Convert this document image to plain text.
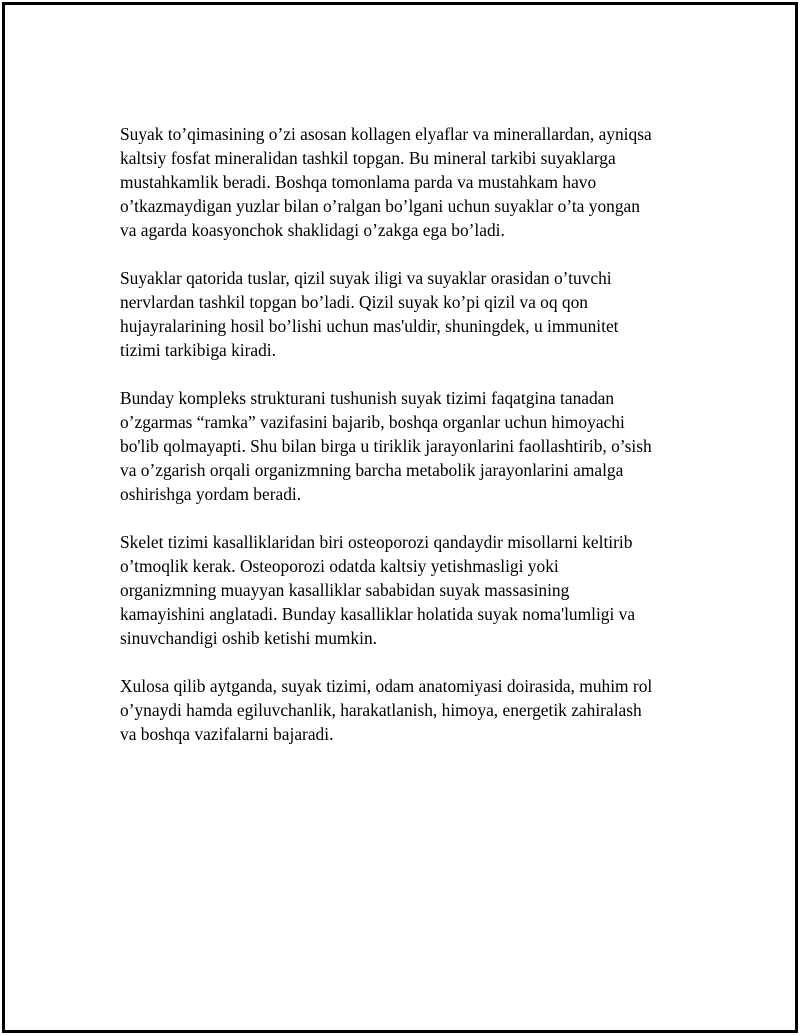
Suyak to’qimasining o’zi asosan kollagen elyaflar va minerallardan, ayniqsa
kaltsiy fosfat mineralidan tashkil topgan. Bu mineral tarkibi suyaklarga
mustahkamlik beradi. Boshqa tomonlama parda va mustahkam havo
o’tkazmaydigan yuzlar bilan o’ralgan bo’lgani uchun suyaklar o’ta yongan
va agarda koasyonchok shaklidagi o’zakga ega bo’ladi.

Suyaklar qatorida tuslar, qizil suyak iligi va suyaklar orasidan o’tuvchi
nervlardan tashkil topgan bo’ladi. Qizil suyak ko’pi qizil va oq qon
hujayralarining hosil bo’lishi uchun mas'uldir, shuningdek, u immunitet
tizimi tarkibiga kiradi.

Bunday kompleks strukturani tushunish suyak tizimi faqatgina tanadan
o’zgarmas “ramka” vazifasini bajarib, boshqa organlar uchun himoyachi
bo'lib qolmayapti. Shu bilan birga u tiriklik jarayonlarini faollashtirib, o’sish
va o’zgarish orqali organizmning barcha metabolik jarayonlarini amalga
oshirishga yordam beradi.

Skelet tizimi kasalliklaridan biri osteoporozi qandaydir misollarni keltirib
o’tmoqlik kerak. Osteoporozi odatda kaltsiy yetishmasligi yoki
organizmning muayyan kasalliklar sababidan suyak massasining
kamayishini anglatadi. Bunday kasalliklar holatida suyak noma'lumligi va
sinuvchandigi oshib ketishi mumkin.

Xulosa qilib aytganda, suyak tizimi, odam anatomiyasi doirasida, muhim rol
o’ynaydi hamda egiluvchanlik, harakatlanish, himoya, energetik zahiralash
va boshqa vazifalarni bajaradi.
